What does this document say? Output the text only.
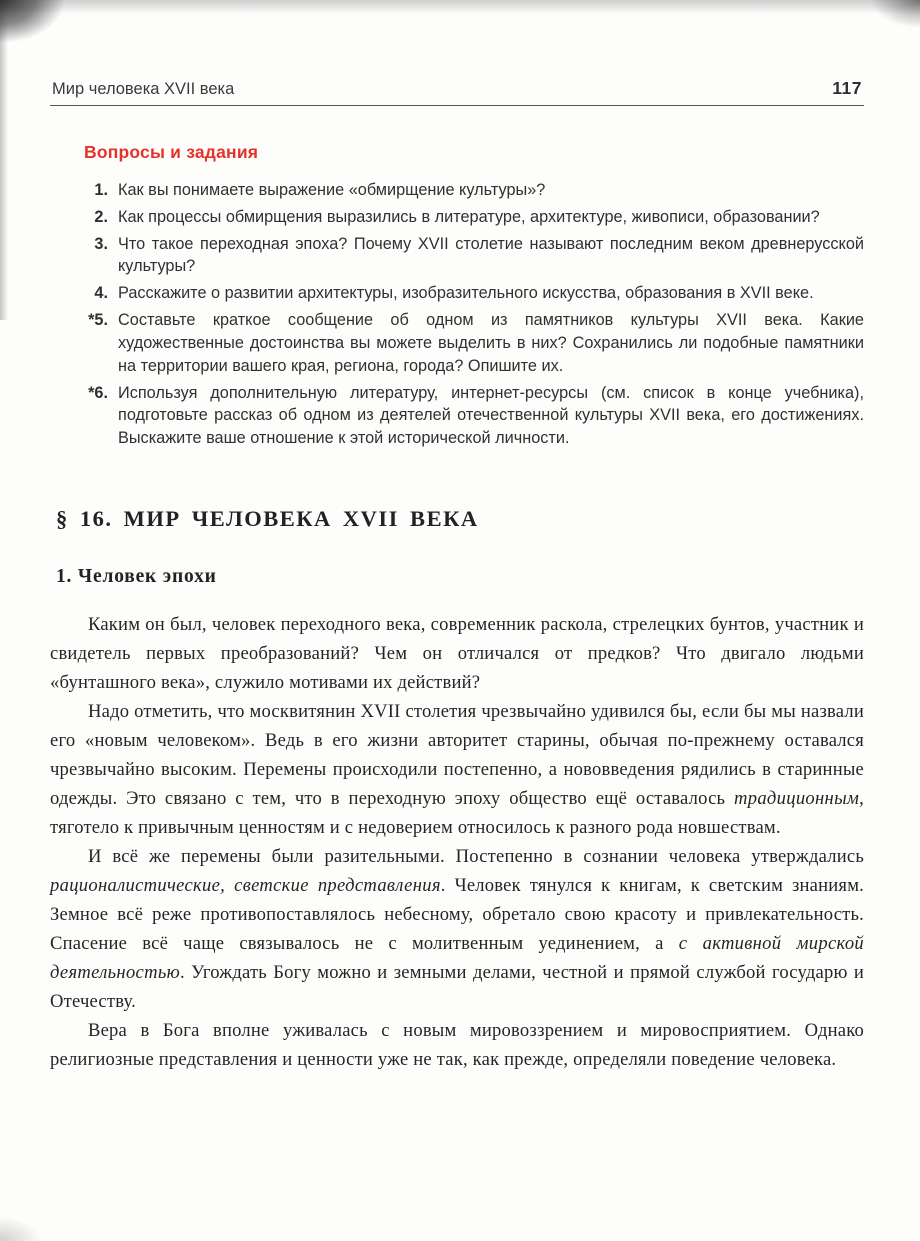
Мир человека XVII века	117
Вопросы и задания
1. Как вы понимаете выражение «обмирщение культуры»?
2. Как процессы обмирщения выразились в литературе, архитектуре, живописи, образовании?
3. Что такое переходная эпоха? Почему XVII столетие называют последним веком древнерусской культуры?
4. Расскажите о развитии архитектуры, изобразительного искусства, образования в XVII веке.
*5. Составьте краткое сообщение об одном из памятников культуры XVII века. Какие художественные достоинства вы можете выделить в них? Сохранились ли подобные памятники на территории вашего края, региона, города? Опишите их.
*6. Используя дополнительную литературу, интернет-ресурсы (см. список в конце учебника), подготовьте рассказ об одном из деятелей отечественной культуры XVII века, его достижениях. Выскажите ваше отношение к этой исторической личности.
§ 16. МИР ЧЕЛОВЕКА XVII ВЕКА
1. Человек эпохи

Каким он был, человек переходного века, современник раскола, стрелецких бунтов, участник и свидетель первых преобразований? Чем он отличался от предков? Что двигало людьми «бунташного века», служило мотивами их действий?

Надо отметить, что москвитянин XVII столетия чрезвычайно удивился бы, если бы мы назвали его «новым человеком». Ведь в его жизни авторитет старины, обычая по-прежнему оставался чрезвычайно высоким. Перемены происходили постепенно, а нововведения рядились в старинные одежды. Это связано с тем, что в переходную эпоху общество ещё оставалось традиционным, тяготело к привычным ценностям и с недоверием относилось к разного рода новшествам.

И всё же перемены были разительными. Постепенно в сознании человека утверждались рационалистические, светские представления. Человек тянулся к книгам, к светским знаниям. Земное всё реже противопоставлялось небесному, обретало свою красоту и привлекательность. Спасение всё чаще связывалось не с молитвенным уединением, а с активной мирской деятельностью. Угождать Богу можно и земными делами, честной и прямой службой государю и Отечеству.

Вера в Бога вполне уживалась с новым мировоззрением и мировосприятием. Однако религиозные представления и ценности уже не так, как прежде, определяли поведение человека.
